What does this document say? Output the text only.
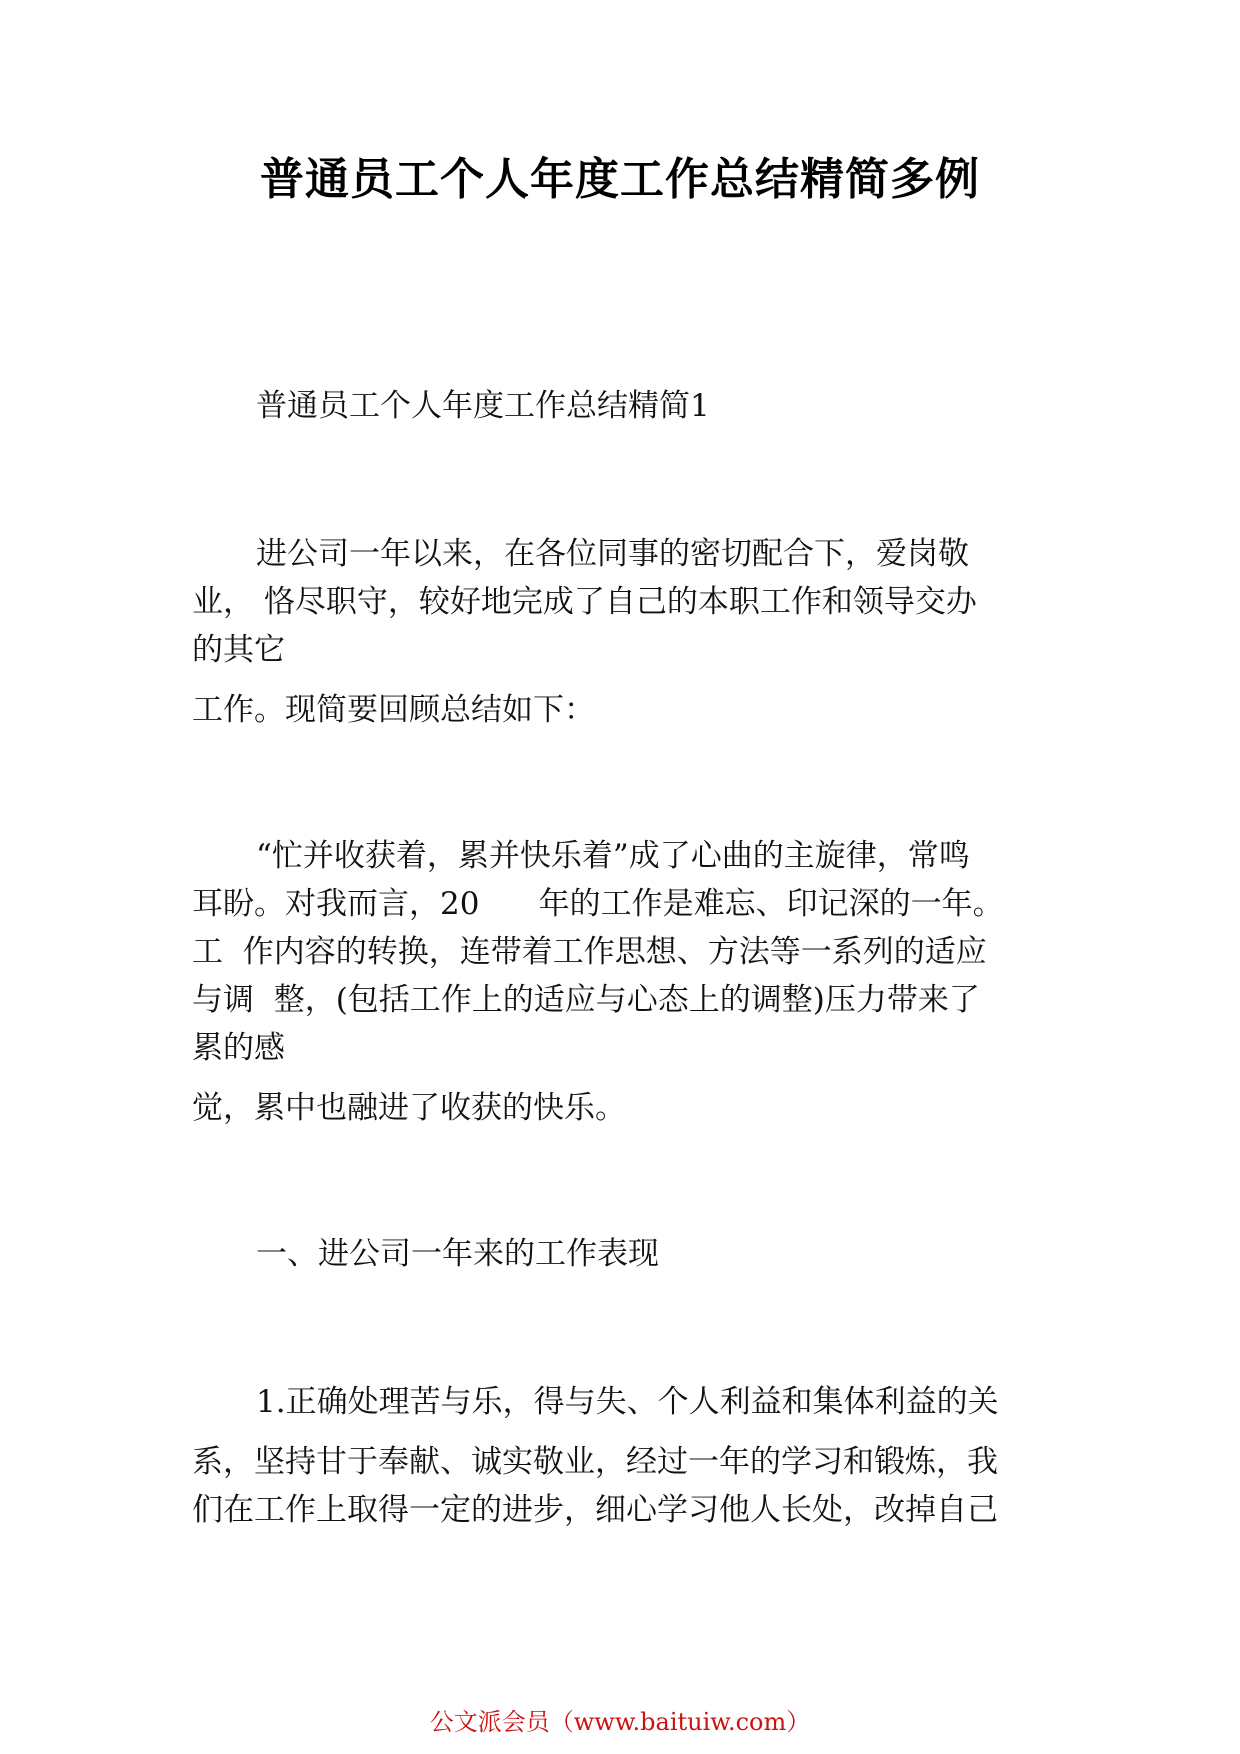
普通员工个人年度工作总结精简多例

普通员工个人年度工作总结精简1

进公司一年以来，在各位同事的密切配合下，爱岗敬

业， 恪尽职守，较好地完成了自己的本职工作和领导交办

的其它

工作。现简要回顾总结如下：

“忙并收获着，累并快乐着”成了心曲的主旋律，常鸣

耳盼。对我而言，20      年的工作是难忘、印记深的一年。

工  作内容的转换，连带着工作思想、方法等一系列的适应

与调  整，(包括工作上的适应与心态上的调整)压力带来了

累的感

觉，累中也融进了收获的快乐。

一、进公司一年来的工作表现

1.正确处理苦与乐，得与失、个人利益和集体利益的关

系，坚持甘于奉献、诚实敬业，经过一年的学习和锻炼，我

们在工作上取得一定的进步，细心学习他人长处，改掉自己

公文派会员（www.baituiw.com）
